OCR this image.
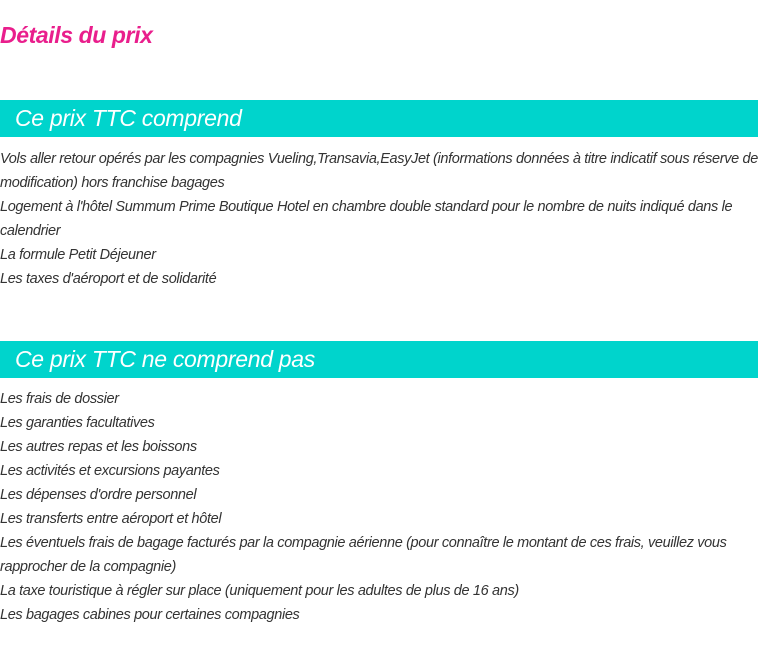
Détails du prix
Ce prix TTC comprend
Vols aller retour opérés par les compagnies Vueling,Transavia,EasyJet (informations données à titre indicatif sous réserve de modification) hors franchise bagages
Logement à l'hôtel Summum Prime Boutique Hotel en chambre double standard pour le nombre de nuits indiqué dans le calendrier
La formule Petit Déjeuner
Les taxes d'aéroport et de solidarité
Ce prix TTC ne comprend pas
Les frais de dossier
Les garanties facultatives
Les autres repas et les boissons
Les activités et excursions payantes
Les dépenses d'ordre personnel
Les transferts entre aéroport et hôtel
Les éventuels frais de bagage facturés par la compagnie aérienne (pour connaître le montant de ces frais, veuillez vous rapprocher de la compagnie)
La taxe touristique à régler sur place (uniquement pour les adultes de plus de 16 ans)
Les bagages cabines pour certaines compagnies
